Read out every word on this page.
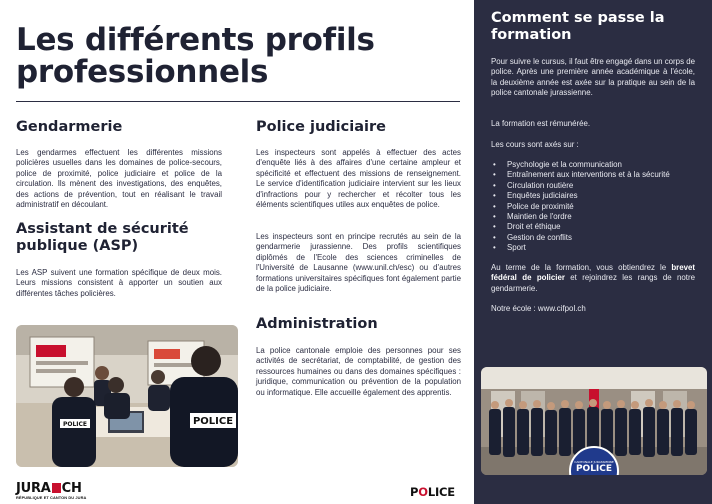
Les différents profils professionnels
Gendarmerie

Les gendarmes effectuent les différentes missions policières usuelles dans les domaines de police-secours, police de proximité, police judiciaire et police de la circulation. Ils mènent des investigations, des enquêtes, des actions de prévention, tout en réalisant le travail administratif en découlant.

Assistant de sécurité publique (ASP)

Les ASP suivent une formation spécifique de deux mois. Leurs missions consistent à apporter un soutien aux différentes tâches policières.

POLICE
POLICE
Police judiciaire

Les inspecteurs sont appelés à effectuer des actes d'enquête liés à des affaires d'une certaine ampleur et spécificité et effectuent des missions de renseignement. Le service d'identification judiciaire intervient sur les lieux d'infractions pour y rechercher et récolter tous les éléments scientifiques utiles aux enquêtes de police.

Les inspecteurs sont en principe recrutés au sein de la gendarmerie jurassienne. Des profils scientifiques diplômés de l'Ecole des sciences criminelles de l'Université de Lausanne (www.unil.ch/esc) ou d'autres formations universitaires spécifiques font également partie de la police judiciaire.

Administration

La police cantonale emploie des personnes pour ses activités de secrétariat, de comptabilité, de gestion des ressources humaines ou dans des domaines spécifiques : juridique, communication ou prévention de la population ou informatique. Elle accueille également des apprentis.

JURA CH
RÉPUBLIQUE ET CANTON DU JURA	POLICE
Comment se passe la formation

Pour suivre le cursus, il faut être engagé dans un corps de police. Après une première année académique à l'école, la deuxième année est axée sur la pratique au sein de la police cantonale jurassienne.

La formation est rémunérée.

Les cours sont axés sur :

• Psychologie et la communication
• Entraînement aux interventions et à la sécurité
• Circulation routière
• Enquêtes judiciaires
• Police de proximité
• Maintien de l'ordre
• Droit et éthique
• Gestion de conflits
• Sport

Au terme de la formation, vous obtiendrez le brevet fédéral de policier et rejoindrez les rangs de notre gendarmerie.

Notre école : www.cifpol.ch

POLICE
CANTONALE JURASSIENNE
